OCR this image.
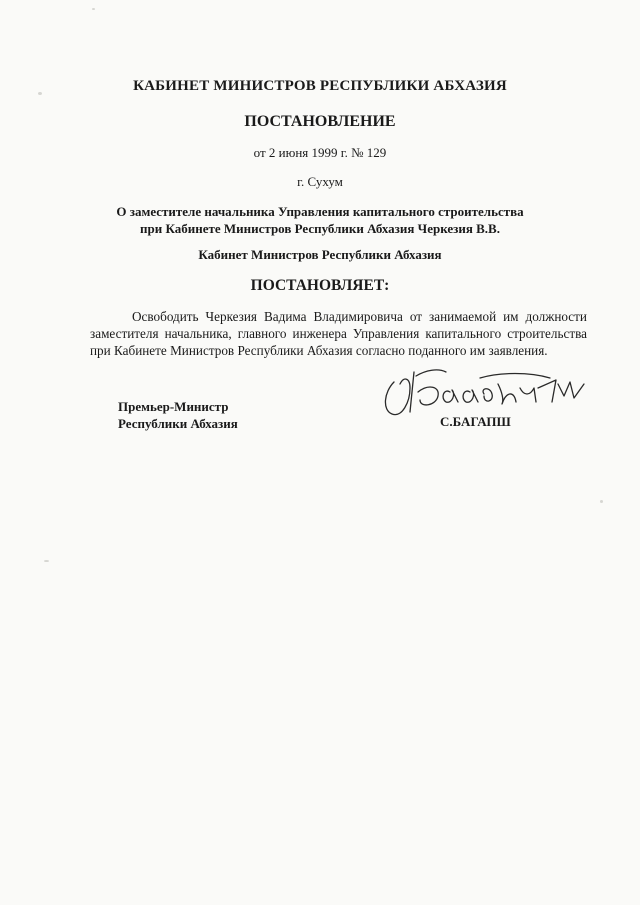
КАБИНЕТ МИНИСТРОВ РЕСПУБЛИКИ АБХАЗИЯ
ПОСТАНОВЛЕНИЕ
от 2 июня 1999 г. № 129
г. Сухум
О заместителе начальника Управления капитального строительства
при Кабинете Министров Республики Абхазия Черкезия В.В.
Кабинет Министров Республики Абхазия
ПОСТАНОВЛЯЕТ:
Освободить Черкезия Вадима Владимировича от занимаемой им должности заместителя начальника, главного инженера Управления капитального строительства при Кабинете Министров Республики Абхазия согласно поданного им заявления.
Премьер-Министр
Республики Абхазия	С.БАГАПШ
